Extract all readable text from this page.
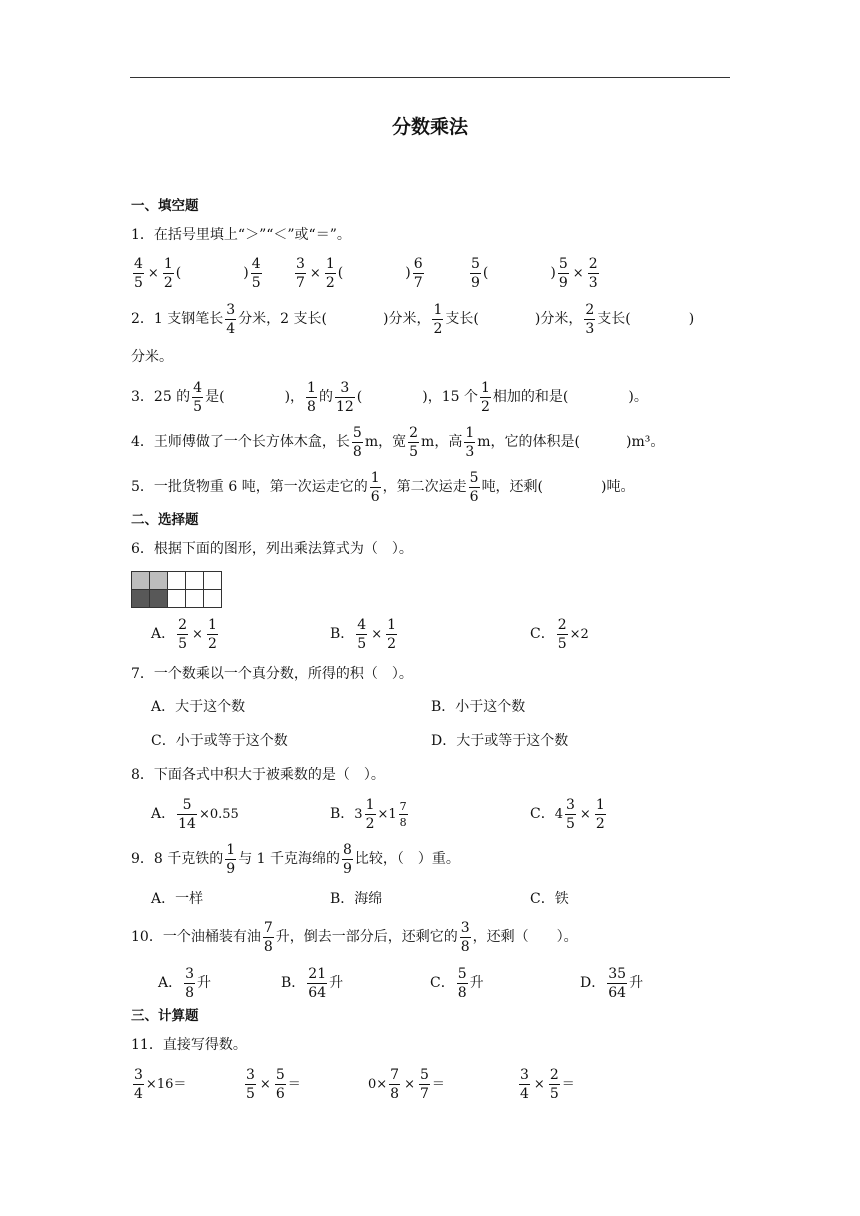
分数乘法
一、填空题
1．在括号里填上“＞”“＜”或“＝”。
$\frac{4}{5} \times \frac{1}{2}$ (	)
4
$5 \frac{3}{7} \times \frac{1}{2}$ (	)
6
7
5
9
(	) $\frac{5}{9} \times \frac{2}{3}$
2．1 支钢笔长
3
4
分米，2 支长(	)分米，
1
2
支长(	)分米，
2
3
支长(	)
分米。
3．25 的
4
5
是(	)，
1
8
的
3
12
(	)，15 个
1
2
相加的和是(	)。
4．王师傅做了一个长方体木盒，长
5
8
m，宽
2
5
m，高
1
3
m，它的体积是(	)m³。
5．一批货物重 6 吨，第一次运走它的
1
6
，第二次运走
5
6
吨，还剩(	)吨。
二、选择题
6．根据下面的图形，列出乘法算式为（　）。
A． $\frac{2}{5} \times \frac{1}{2}$	B． $\frac{4}{5} \times \frac{1}{2}$	C． $\frac{2}{5} \times 2$
7．一个数乘以一个真分数，所得的积（　）。
A．大于这个数	B．小于这个数
C．小于或等于这个数	D．大于或等于这个数
8．下面各式中积大于被乘数的是（　）。
A． $\frac{5}{14} \times 0.55$	B． $3 \frac{1}{2} \times 1$
7
8	C． $4 \frac{3}{5} \times \frac{1}{2}$
9．8 千克铁的
1
9
与 1 千克海绵的
8
9
比较，（　）重。
A．一样	B．海绵	C．铁
10．一个油桶装有油
7
8
升，倒去一部分后，还剩它的
3
8
，还剩（　　）。
A．
3
8
升	B．
21
64
升	C．
5
8
升	D．
35
64
升
三、计算题
11．直接写得数。
$\frac{3}{4} \times 16=$	$\frac{3}{5} \times \frac{5}{6}$ ＝	$0\times \frac{7}{8} \times \frac{5}{7}$ ＝	$\frac{3}{4} \times \frac{2}{5}$ ＝
